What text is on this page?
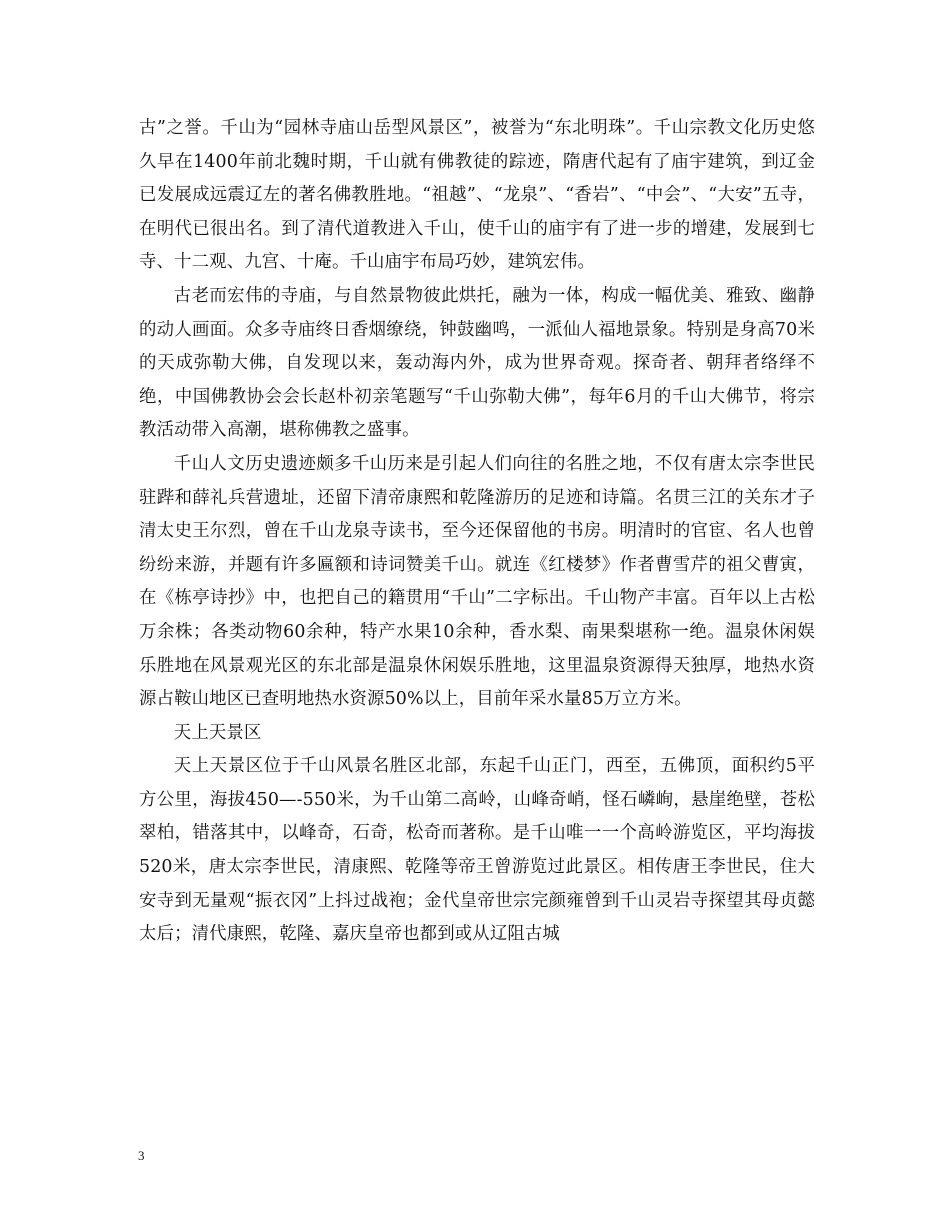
古”之誉。千山为“园林寺庙山岳型风景区”，被誉为“东北明珠”。千山宗教文化历史悠久早在1400年前北魏时期，千山就有佛教徒的踪迹，隋唐代起有了庙宇建筑，到辽金已发展成远震辽左的著名佛教胜地。“祖越”、“龙泉”、“香岩”、“中会”、“大安”五寺，在明代已很出名。到了清代道教进入千山，使千山的庙宇有了进一步的增建，发展到七寺、十二观、九宫、十庵。千山庙宇布局巧妙，建筑宏伟。

古老而宏伟的寺庙，与自然景物彼此烘托，融为一体，构成一幅优美、雅致、幽静的动人画面。众多寺庙终日香烟缭绕，钟鼓幽鸣，一派仙人福地景象。特别是身高70米的天成弥勒大佛，自发现以来，轰动海内外，成为世界奇观。探奇者、朝拜者络绎不绝，中国佛教协会会长赵朴初亲笔题写“千山弥勒大佛”，每年6月的千山大佛节，将宗教活动带入高潮，堪称佛教之盛事。

千山人文历史遗迹颇多千山历来是引起人们向往的名胜之地，不仅有唐太宗李世民驻跸和薛礼兵营遗址，还留下清帝康熙和乾隆游历的足迹和诗篇。名贯三江的关东才子清太史王尔烈，曾在千山龙泉寺读书，至今还保留他的书房。明清时的官宦、名人也曾纷纷来游，并题有许多匾额和诗词赞美千山。就连《红楼梦》作者曹雪芹的祖父曹寅，在《栋亭诗抄》中，也把自己的籍贯用“千山”二字标出。千山物产丰富。百年以上古松万余株；各类动物60余种，特产水果10余种，香水梨、南果梨堪称一绝。温泉休闲娱乐胜地在风景观光区的东北部是温泉休闲娱乐胜地，这里温泉资源得天独厚，地热水资源占鞍山地区已查明地热水资源50%以上，目前年采水量85万立方米。

天上天景区

天上天景区位于千山风景名胜区北部，东起千山正门，西至，五佛顶，面积约5平方公里，海拔450—-550米，为千山第二高岭，山峰奇峭，怪石嶙峋，悬崖绝壁，苍松翠柏，错落其中，以峰奇，石奇，松奇而著称。是千山唯一一个高岭游览区，平均海拔520米，唐太宗李世民，清康熙、乾隆等帝王曾游览过此景区。相传唐王李世民，住大安寺到无量观“振衣冈”上抖过战袍；金代皇帝世宗完颜雍曾到千山灵岩寺探望其母贞懿太后；清代康熙，乾隆、嘉庆皇帝也都到或从辽阻古城

3
